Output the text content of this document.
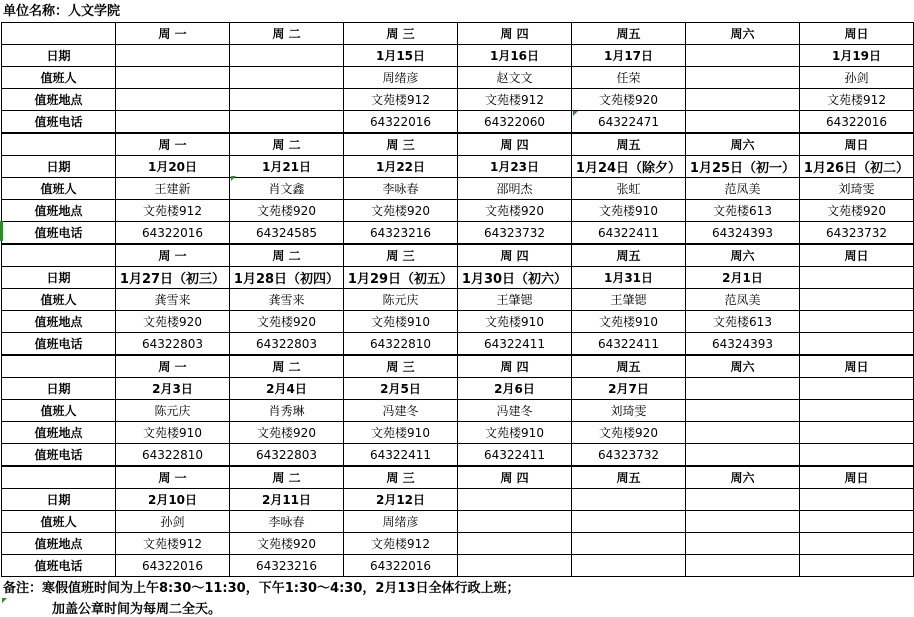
单位名称：人文学院
	周 一	周 二	周 三	周 四	周五	周六	周日
日期			1月15日	1月16日	1月17日		1月19日
值班人			周绪彦	赵文文	任荣		孙剑
值班地点			文苑楼912	文苑楼912	文苑楼920		文苑楼912
值班电话			64322016	64322060	64322471		64322016
	周 一	周 二	周 三	周 四	周五	周六	周日
日期	1月20日	1月21日	1月22日	1月23日	1月24日（除夕）	1月25日（初一）	1月26日（初二）
值班人	王建新	肖文鑫	李咏春	邵明杰	张虹	范凤美	刘琦雯
值班地点	文苑楼912	文苑楼920	文苑楼920	文苑楼920	文苑楼910	文苑楼613	文苑楼920
值班电话	64322016	64324585	64323216	64323732	64322411	64324393	64323732
	周 一	周 二	周 三	周 四	周五	周六	周日
日期	1月27日（初三）	1月28日（初四）	1月29日（初五）	1月30日（初六）	1月31日	2月1日	
值班人	龚雪来	龚雪来	陈元庆	王肇锶	王肇锶	范凤美	
值班地点	文苑楼920	文苑楼920	文苑楼910	文苑楼910	文苑楼910	文苑楼613	
值班电话	64322803	64322803	64322810	64322411	64322411	64324393	
	周 一	周 二	周 三	周 四	周五	周六	周日
日期	2月3日	2月4日	2月5日	2月6日	2月7日		
值班人	陈元庆	肖秀琳	冯建冬	冯建冬	刘琦雯		
值班地点	文苑楼910	文苑楼920	文苑楼910	文苑楼910	文苑楼920		
值班电话	64322810	64322803	64322411	64322411	64323732		
	周 一	周 二	周 三	周 四	周五	周六	周日
日期	2月10日	2月11日	2月12日				
值班人	孙剑	李咏春	周绪彦				
值班地点	文苑楼912	文苑楼920	文苑楼912				
值班电话	64322016	64323216	64322016				
备注：寒假值班时间为上午8:30～11:30，下午1:30～4:30，2月13日全体行政上班；
加盖公章时间为每周二全天。
